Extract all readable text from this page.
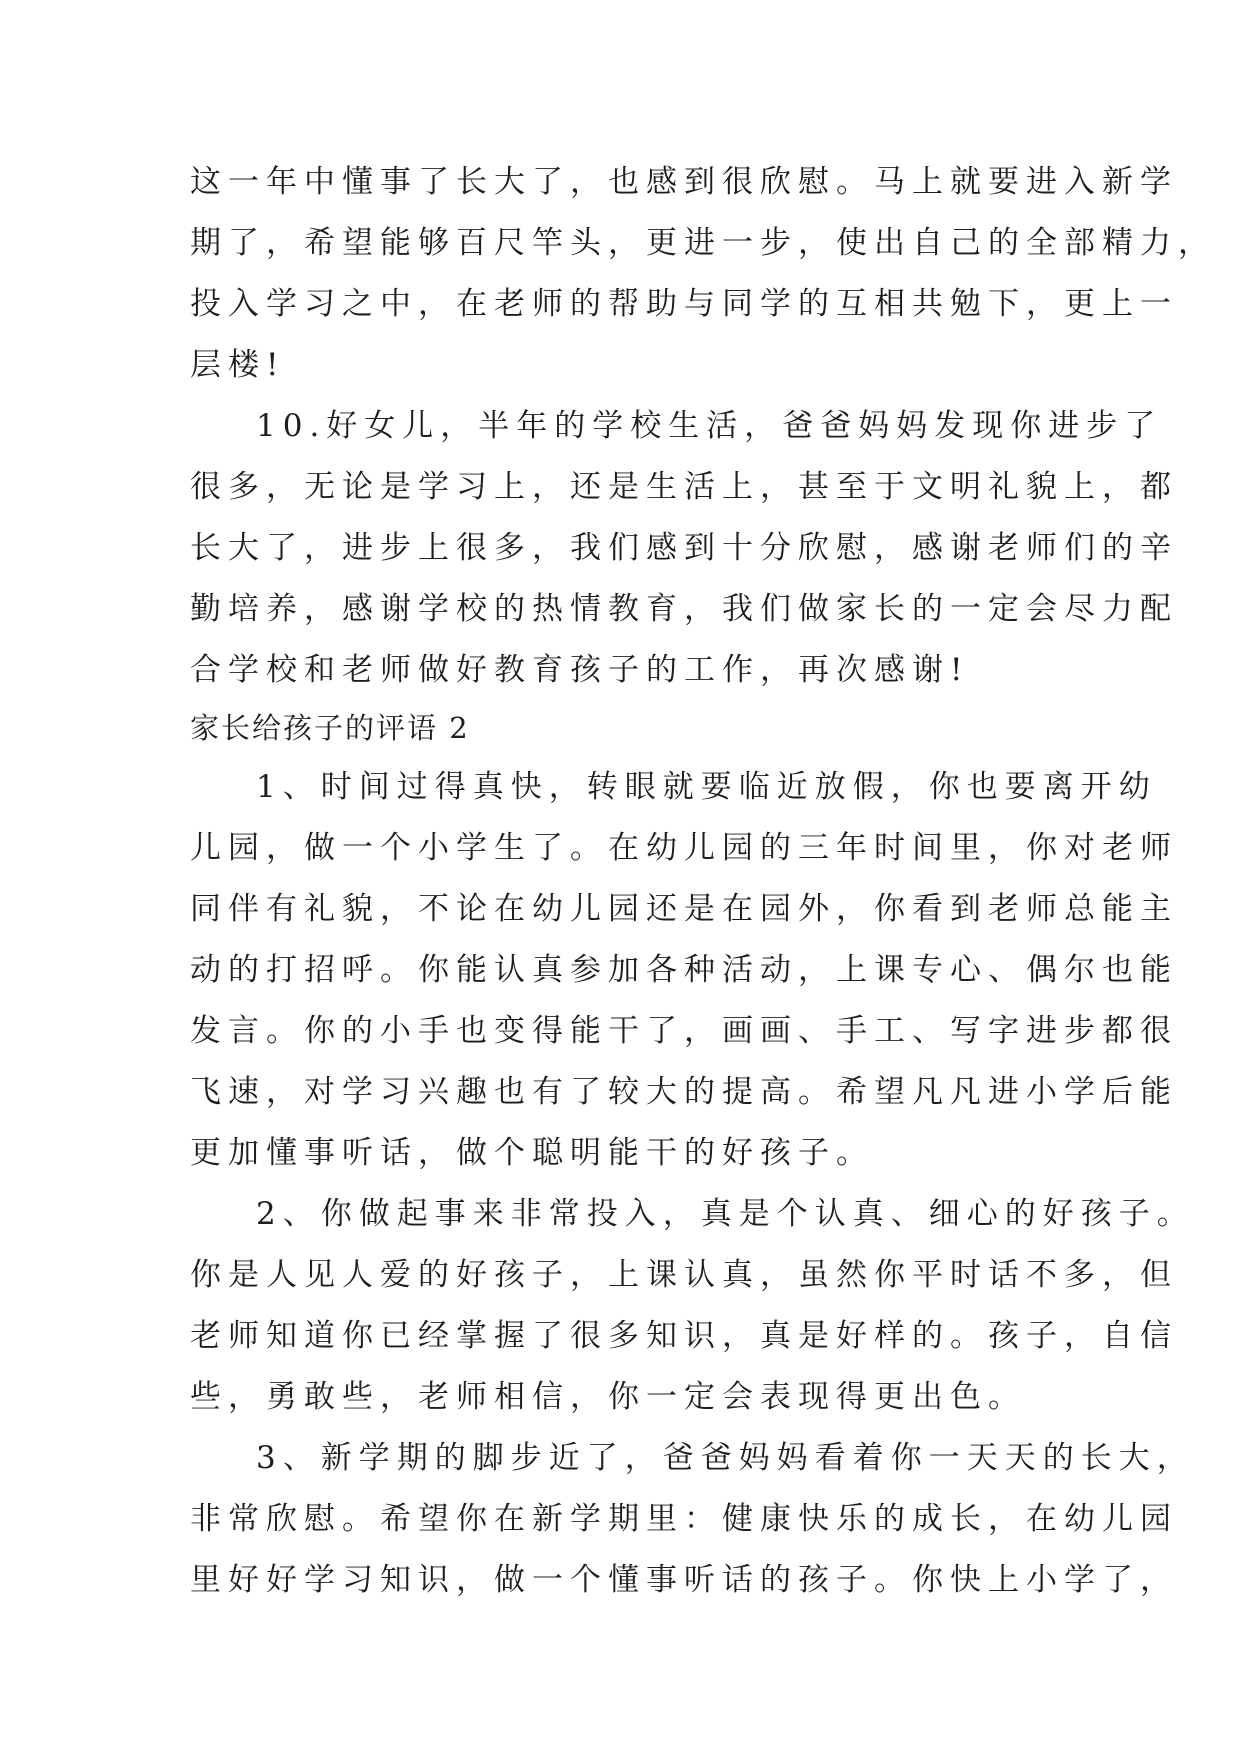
这一年中懂事了长大了，也感到很欣慰。马上就要进入新学
期了，希望能够百尺竿头，更进一步，使出自己的全部精力，
投入学习之中，在老师的帮助与同学的互相共勉下，更上一
层楼!
10.好女儿，半年的学校生活，爸爸妈妈发现你进步了
很多，无论是学习上，还是生活上，甚至于文明礼貌上，都
长大了，进步上很多，我们感到十分欣慰，感谢老师们的辛
勤培养，感谢学校的热情教育，我们做家长的一定会尽力配
合学校和老师做好教育孩子的工作，再次感谢!
家长给孩子的评语 2
1、时间过得真快，转眼就要临近放假，你也要离开幼
儿园，做一个小学生了。在幼儿园的三年时间里，你对老师
同伴有礼貌，不论在幼儿园还是在园外，你看到老师总能主
动的打招呼。你能认真参加各种活动，上课专心、偶尔也能
发言。你的小手也变得能干了，画画、手工、写字进步都很
飞速，对学习兴趣也有了较大的提高。希望凡凡进小学后能
更加懂事听话，做个聪明能干的好孩子。
2、你做起事来非常投入，真是个认真、细心的好孩子。
你是人见人爱的好孩子，上课认真，虽然你平时话不多，但
老师知道你已经掌握了很多知识，真是好样的。孩子，自信
些，勇敢些，老师相信，你一定会表现得更出色。
3、新学期的脚步近了，爸爸妈妈看着你一天天的长大，
非常欣慰。希望你在新学期里：健康快乐的成长，在幼儿园
里好好学习知识，做一个懂事听话的孩子。你快上小学了，
